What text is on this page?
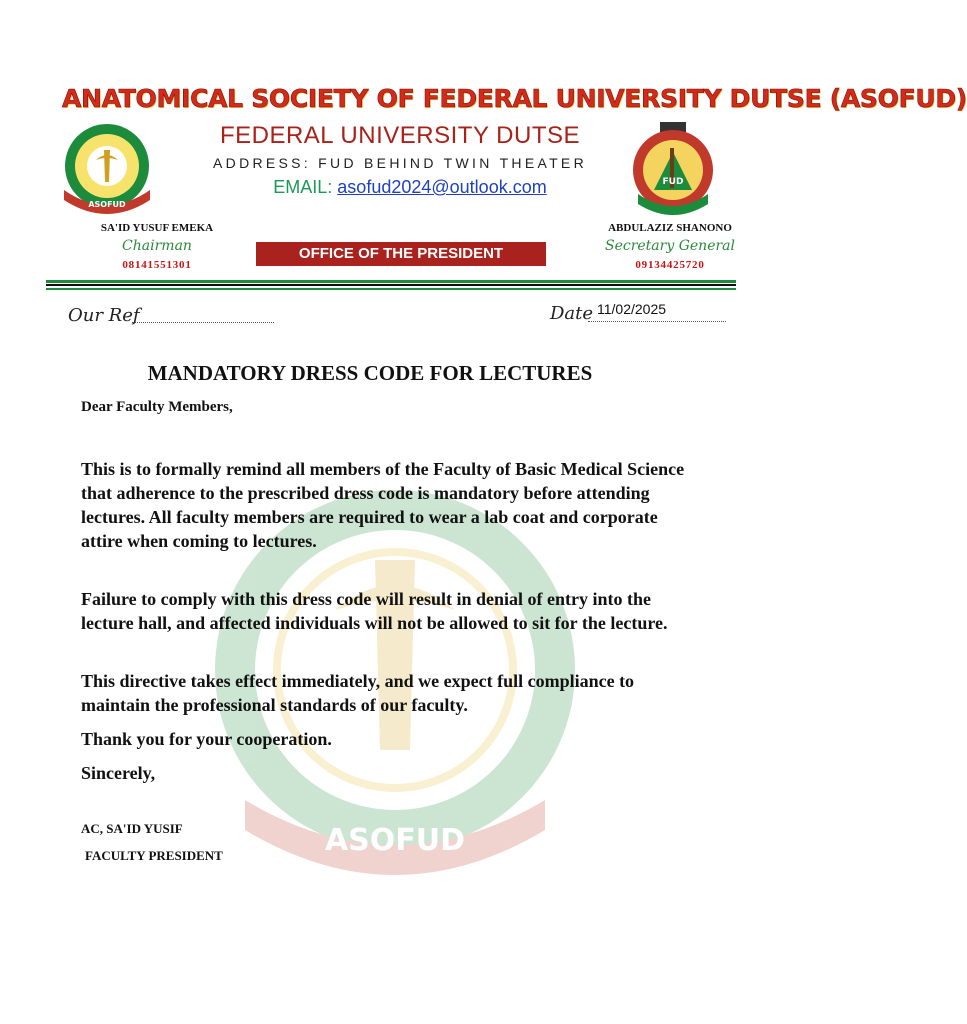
ASOFUD
ANATOMICAL SOCIETY OF FEDERAL UNIVERSITY DUTSE (ASOFUD)
ASOFUD
FUD
FEDERAL UNIVERSITY DUTSE
ADDRESS: FUD BEHIND TWIN THEATER
EMAIL: asofud2024@outlook.com
SA'ID YUSUF EMEKA
Chairman
08141551301
OFFICE OF THE PRESIDENT
ABDULAZIZ SHANONO
Secretary General
09134425720
Our Ref	Date 11/02/2025
MANDATORY DRESS CODE FOR LECTURES
Dear Faculty Members,
This is to formally remind all members of the Faculty of Basic Medical Science that adherence to the prescribed dress code is mandatory before attending lectures. All faculty members are required to wear a lab coat and corporate attire when coming to lectures.
Failure to comply with this dress code will result in denial of entry into the lecture hall, and affected individuals will not be allowed to sit for the lecture.
This directive takes effect immediately, and we expect full compliance to maintain the professional standards of our faculty.
Thank you for your cooperation.
Sincerely,
AC, SA'ID YUSIF
FACULTY PRESIDENT
